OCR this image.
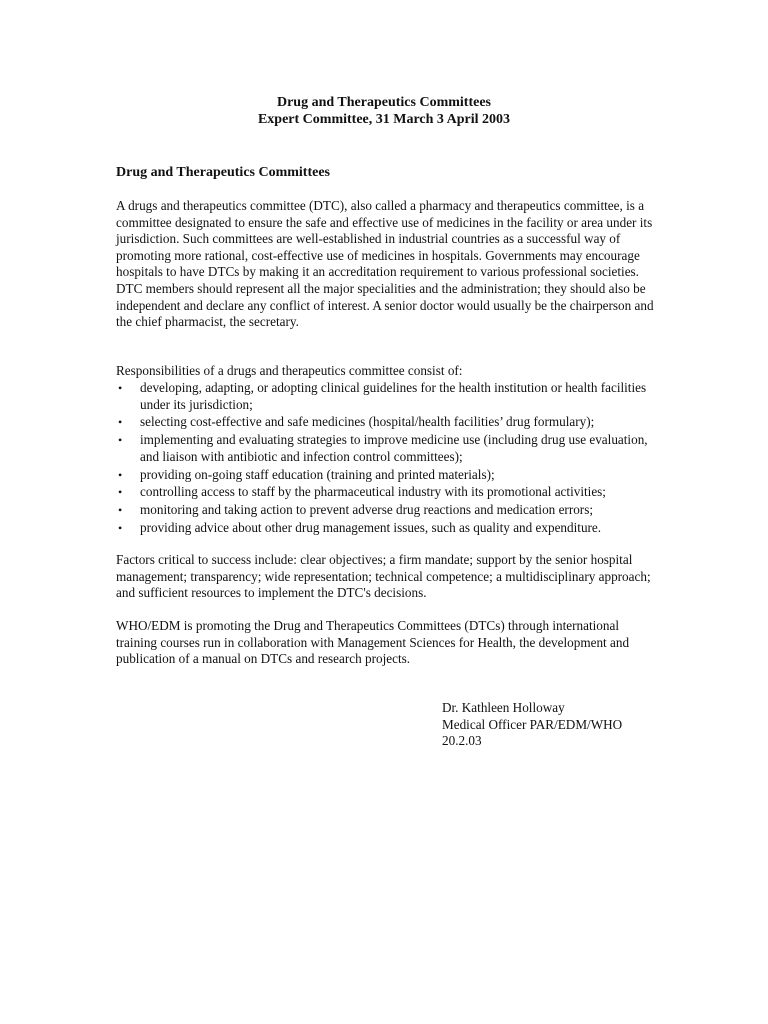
Drug and Therapeutics Committees
Expert Committee, 31 March 3 April 2003
Drug and Therapeutics Committees

A drugs and therapeutics committee (DTC), also called a pharmacy and therapeutics committee, is a committee designated to ensure the safe and effective use of medicines in the facility or area under its jurisdiction. Such committees are well-established in industrial countries as a successful way of promoting more rational, cost-effective use of medicines in hospitals. Governments may encourage hospitals to have DTCs by making it an accreditation requirement to various professional societies. DTC members should represent all the major specialities and the administration; they should also be independent and declare any conflict of interest. A senior doctor would usually be the chairperson and the chief pharmacist, the secretary.

Responsibilities of a drugs and therapeutics committee consist of:

• developing, adapting, or adopting clinical guidelines for the health institution or health facilities under its jurisdiction;
• selecting cost-effective and safe medicines (hospital/health facilities’ drug formulary);
• implementing and evaluating strategies to improve medicine use (including drug use evaluation, and liaison with antibiotic and infection control committees);
• providing on-going staff education (training and printed materials);
• controlling access to staff by the pharmaceutical industry with its promotional activities;
• monitoring and taking action to prevent adverse drug reactions and medication errors;
• providing advice about other drug management issues, such as quality and expenditure.

Factors critical to success include: clear objectives; a firm mandate; support by the senior hospital management; transparency; wide representation; technical competence; a multidisciplinary approach; and sufficient resources to implement the DTC's decisions.

WHO/EDM is promoting the Drug and Therapeutics Committees (DTCs) through international training courses run in collaboration with Management Sciences for Health, the development and publication of a manual on DTCs and research projects.

Dr. Kathleen Holloway
Medical Officer PAR/EDM/WHO
20.2.03
